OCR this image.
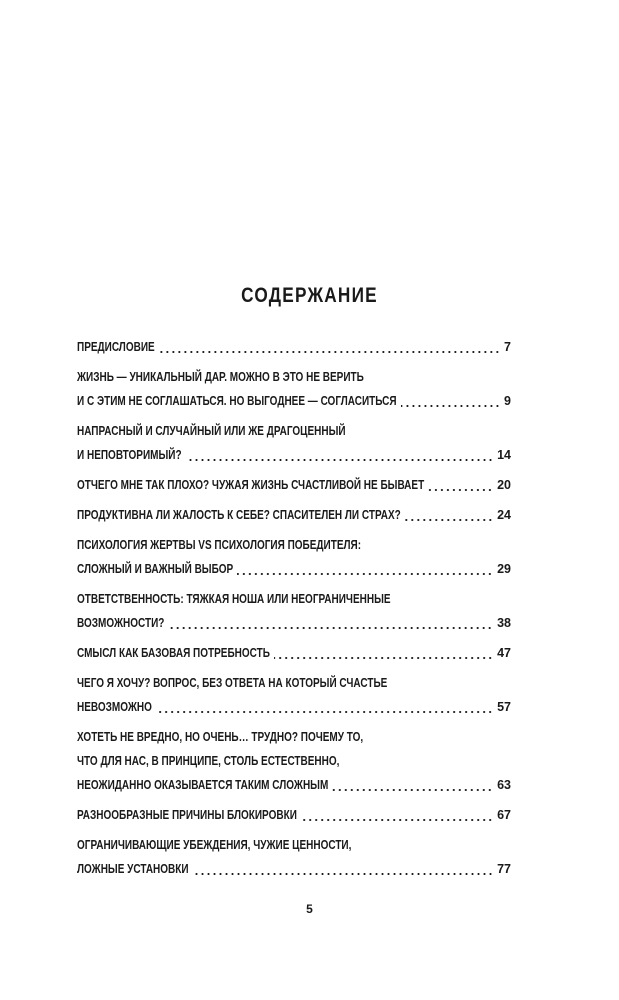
СОДЕРЖАНИЕ
ПРЕДИСЛОВИЕ	7
ЖИЗНЬ — УНИКАЛЬНЫЙ ДАР. МОЖНО В ЭТО НЕ ВЕРИТЬ
И С ЭТИМ НЕ СОГЛАШАТЬСЯ. НО ВЫГОДНЕЕ — СОГЛАСИТЬСЯ	9
НАПРАСНЫЙ И СЛУЧАЙНЫЙ ИЛИ ЖЕ ДРАГОЦЕННЫЙ
И НЕПОВТОРИМЫЙ?	14
ОТЧЕГО МНЕ ТАК ПЛОХО? ЧУЖАЯ ЖИЗНЬ СЧАСТЛИВОЙ НЕ БЫВАЕТ	20
ПРОДУКТИВНА ЛИ ЖАЛОСТЬ К СЕБЕ? СПАСИТЕЛЕН ЛИ СТРАХ?	24
ПСИХОЛОГИЯ ЖЕРТВЫ VS ПСИХОЛОГИЯ ПОБЕДИТЕЛЯ:
СЛОЖНЫЙ И ВАЖНЫЙ ВЫБОР	29
ОТВЕТСТВЕННОСТЬ: ТЯЖКАЯ НОША ИЛИ НЕОГРАНИЧЕННЫЕ
ВОЗМОЖНОСТИ?	38
СМЫСЛ КАК БАЗОВАЯ ПОТРЕБНОСТЬ	47
ЧЕГО Я ХОЧУ? ВОПРОС, БЕЗ ОТВЕТА НА КОТОРЫЙ СЧАСТЬЕ
НЕВОЗМОЖНО	57
ХОТЕТЬ НЕ ВРЕДНО, НО ОЧЕНЬ… ТРУДНО? ПОЧЕМУ ТО,
ЧТО ДЛЯ НАС, В ПРИНЦИПЕ, СТОЛЬ ЕСТЕСТВЕННО,
НЕОЖИДАННО ОКАЗЫВАЕТСЯ ТАКИМ СЛОЖНЫМ	63
РАЗНООБРАЗНЫЕ ПРИЧИНЫ БЛОКИРОВКИ	67
ОГРАНИЧИВАЮЩИЕ УБЕЖДЕНИЯ, ЧУЖИЕ ЦЕННОСТИ,
ЛОЖНЫЕ УСТАНОВКИ	77
5
